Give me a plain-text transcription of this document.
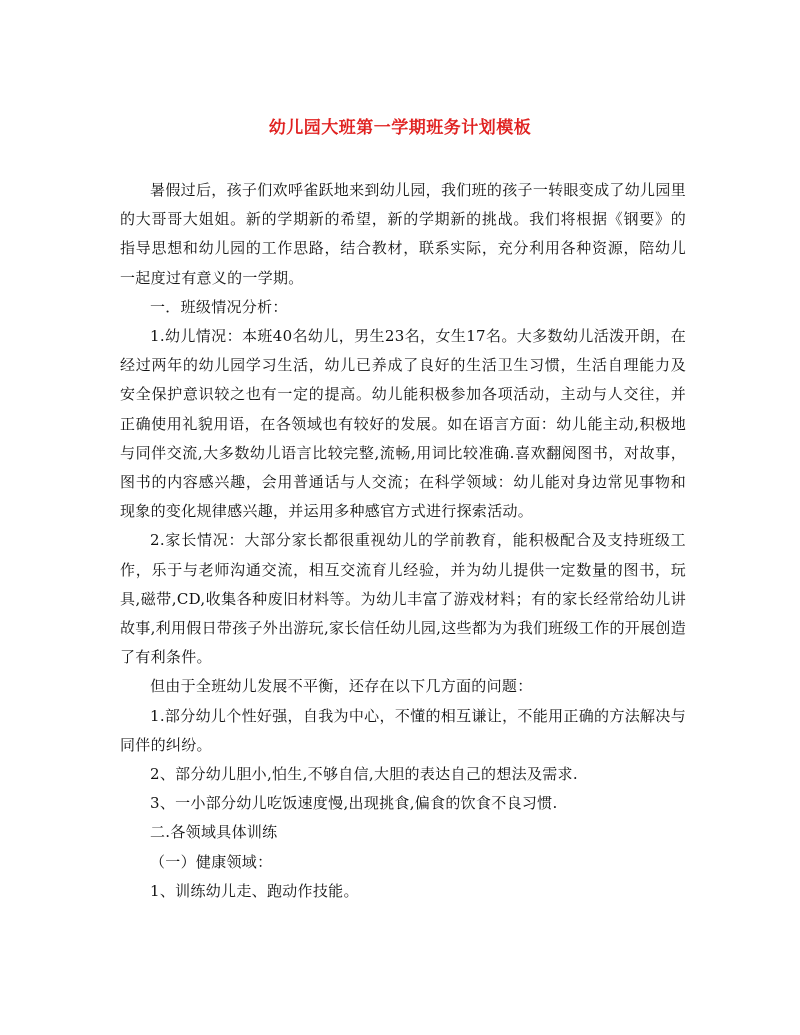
幼儿园大班第一学期班务计划模板

暑假过后，孩子们欢呼雀跃地来到幼儿园，我们班的孩子一转眼变成了幼儿园里的大哥哥大姐姐。新的学期新的希望，新的学期新的挑战。我们将根据《钢要》的指导思想和幼儿园的工作思路，结合教材，联系实际，充分利用各种资源，陪幼儿一起度过有意义的一学期。

一．班级情况分析：

1.幼儿情况：本班40名幼儿，男生23名，女生17名。大多数幼儿活泼开朗，在经过两年的幼儿园学习生活，幼儿已养成了良好的生活卫生习惯，生活自理能力及安全保护意识较之也有一定的提高。幼儿能积极参加各项活动，主动与人交往，并正确使用礼貌用语，在各领域也有较好的发展。如在语言方面：幼儿能主动,积极地与同伴交流,大多数幼儿语言比较完整,流畅,用词比较准确.喜欢翻阅图书，对故事，图书的内容感兴趣，会用普通话与人交流；在科学领域：幼儿能对身边常见事物和现象的变化规律感兴趣，并运用多种感官方式进行探索活动。

2.家长情况：大部分家长都很重视幼儿的学前教育，能积极配合及支持班级工作，乐于与老师沟通交流，相互交流育儿经验，并为幼儿提供一定数量的图书，玩具,磁带,CD,收集各种废旧材料等。为幼儿丰富了游戏材料；有的家长经常给幼儿讲故事,利用假日带孩子外出游玩,家长信任幼儿园,这些都为为我们班级工作的开展创造了有利条件。

但由于全班幼儿发展不平衡，还存在以下几方面的问题：

1.部分幼儿个性好强，自我为中心，不懂的相互谦让，不能用正确的方法解决与同伴的纠纷。

2、部分幼儿胆小,怕生,不够自信,大胆的表达自己的想法及需求.

3、一小部分幼儿吃饭速度慢,出现挑食,偏食的饮食不良习惯.

二.各领域具体训练

（一）健康领域：

1、训练幼儿走、跑动作技能。
